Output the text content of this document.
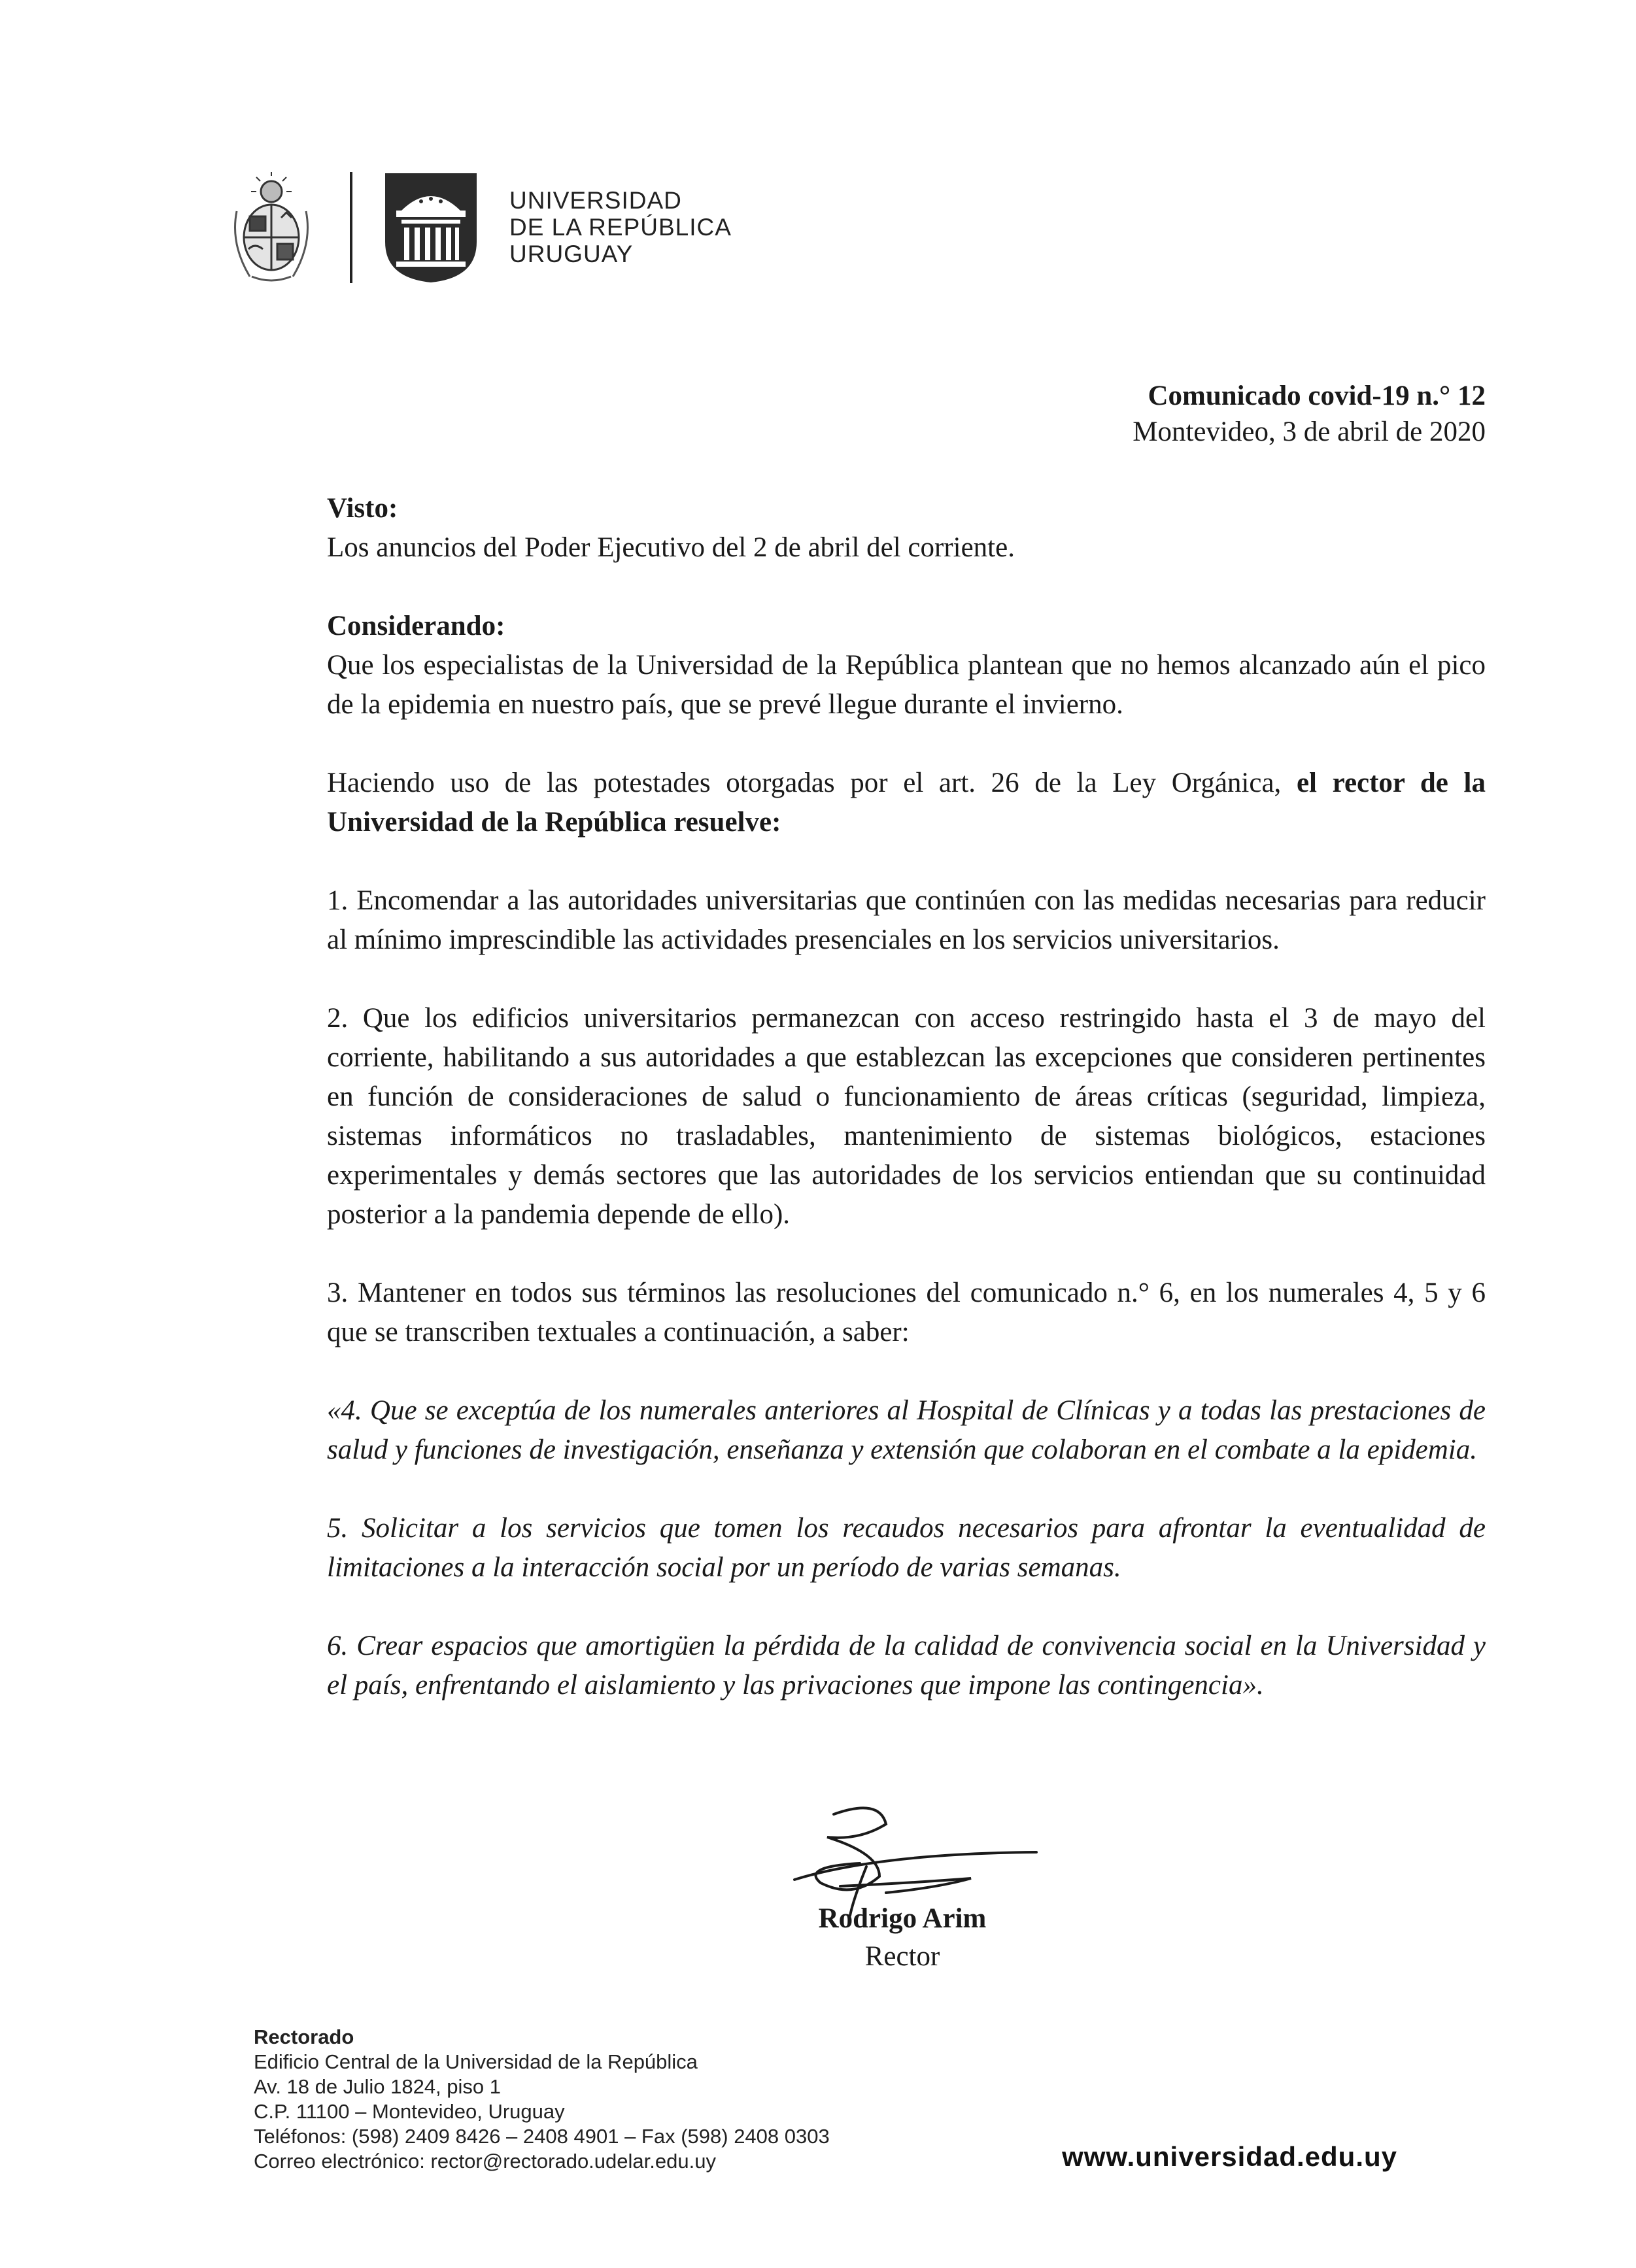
UNIVERSIDAD
DE LA REPÚBLICA
URUGUAY
Comunicado covid-19 n.° 12
Montevideo, 3 de abril de 2020

Visto:

Los anuncios del Poder Ejecutivo del 2 de abril del corriente.

Considerando:

Que los especialistas de la Universidad de la República plantean que no hemos alcanzado aún el pico de la epidemia en nuestro país, que se prevé llegue durante el invierno.

Haciendo uso de las potestades otorgadas por el art. 26 de la Ley Orgánica, el rector de la Universidad de la República resuelve:

1. Encomendar a las autoridades universitarias que continúen con las medidas necesarias para reducir al mínimo imprescindible las actividades presenciales en los servicios universitarios.

2. Que los edificios universitarios permanezcan con acceso restringido hasta el 3 de mayo del corriente, habilitando a sus autoridades a que establezcan las excepciones que consideren pertinentes en función de consideraciones de salud o funcionamiento de áreas críticas (seguridad, limpieza, sistemas informáticos no trasladables, mantenimiento de sistemas biológicos, estaciones experimentales y demás sectores que las autoridades de los servicios entiendan que su continuidad posterior a la pandemia depende de ello).

3. Mantener en todos sus términos las resoluciones del comunicado n.° 6, en los numerales 4, 5 y 6 que se transcriben textuales a continuación, a saber:

«4. Que se exceptúa de los numerales anteriores al Hospital de Clínicas y a todas las prestaciones de salud y funciones de investigación, enseñanza y extensión que colaboran en el combate a la epidemia.

5. Solicitar a los servicios que tomen los recaudos necesarios para afrontar la eventualidad de limitaciones a la interacción social por un período de varias semanas.

6. Crear espacios que amortigüen la pérdida de la calidad de convivencia social en la Universidad y el país, enfrentando el aislamiento y las privaciones que impone las contingencia».

Rodrigo Arim
Rector
Rectorado
Edificio Central de la Universidad de la República
Av. 18 de Julio 1824, piso 1
C.P. 11100 – Montevideo, Uruguay
Teléfonos: (598) 2409 8426 – 2408 4901 – Fax (598) 2408 0303
Correo electrónico: rector@rectorado.udelar.edu.uy	www.universidad.edu.uy
